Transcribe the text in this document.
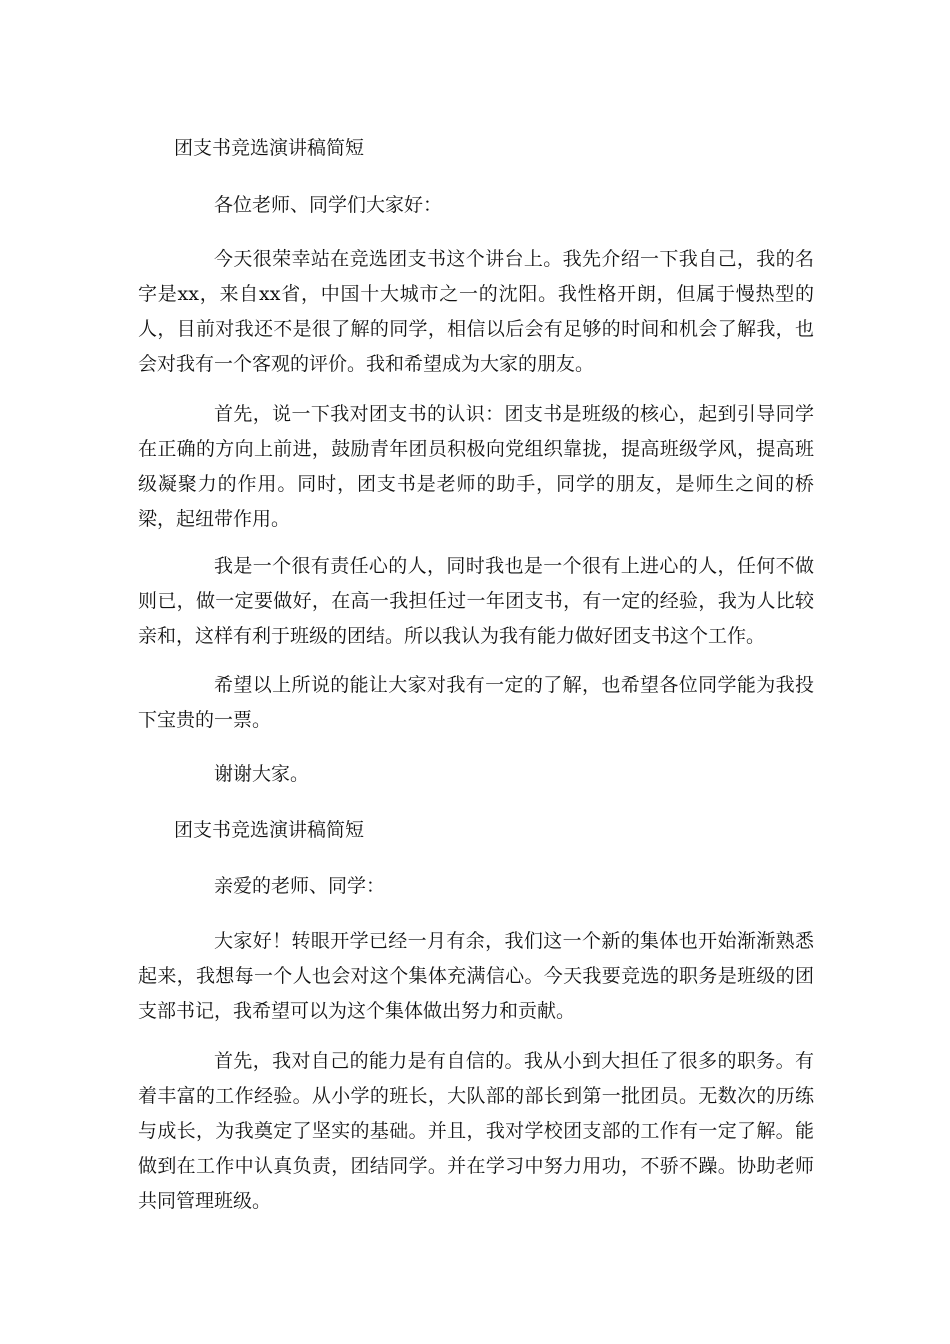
团支书竞选演讲稿简短

各位老师、同学们大家好：

今天很荣幸站在竞选团支书这个讲台上。我先介绍一下我自己，我的名字是xx，来自xx省，中国十大城市之一的沈阳。我性格开朗，但属于慢热型的人，目前对我还不是很了解的同学，相信以后会有足够的时间和机会了解我，也会对我有一个客观的评价。我和希望成为大家的朋友。

首先，说一下我对团支书的认识：团支书是班级的核心，起到引导同学在正确的方向上前进，鼓励青年团员积极向党组织靠拢，提高班级学风，提高班级凝聚力的作用。同时，团支书是老师的助手，同学的朋友，是师生之间的桥梁，起纽带作用。

我是一个很有责任心的人，同时我也是一个很有上进心的人，任何不做则已，做一定要做好，在高一我担任过一年团支书，有一定的经验，我为人比较亲和，这样有利于班级的团结。所以我认为我有能力做好团支书这个工作。

希望以上所说的能让大家对我有一定的了解，也希望各位同学能为我投下宝贵的一票。

谢谢大家。

团支书竞选演讲稿简短

亲爱的老师、同学：

大家好！转眼开学已经一月有余，我们这一个新的集体也开始渐渐熟悉起来，我想每一个人也会对这个集体充满信心。今天我要竞选的职务是班级的团支部书记，我希望可以为这个集体做出努力和贡献。

首先，我对自己的能力是有自信的。我从小到大担任了很多的职务。有着丰富的工作经验。从小学的班长，大队部的部长到第一批团员。无数次的历练与成长，为我奠定了坚实的基础。并且，我对学校团支部的工作有一定了解。能做到在工作中认真负责，团结同学。并在学习中努力用功，不骄不躁。协助老师共同管理班级。
